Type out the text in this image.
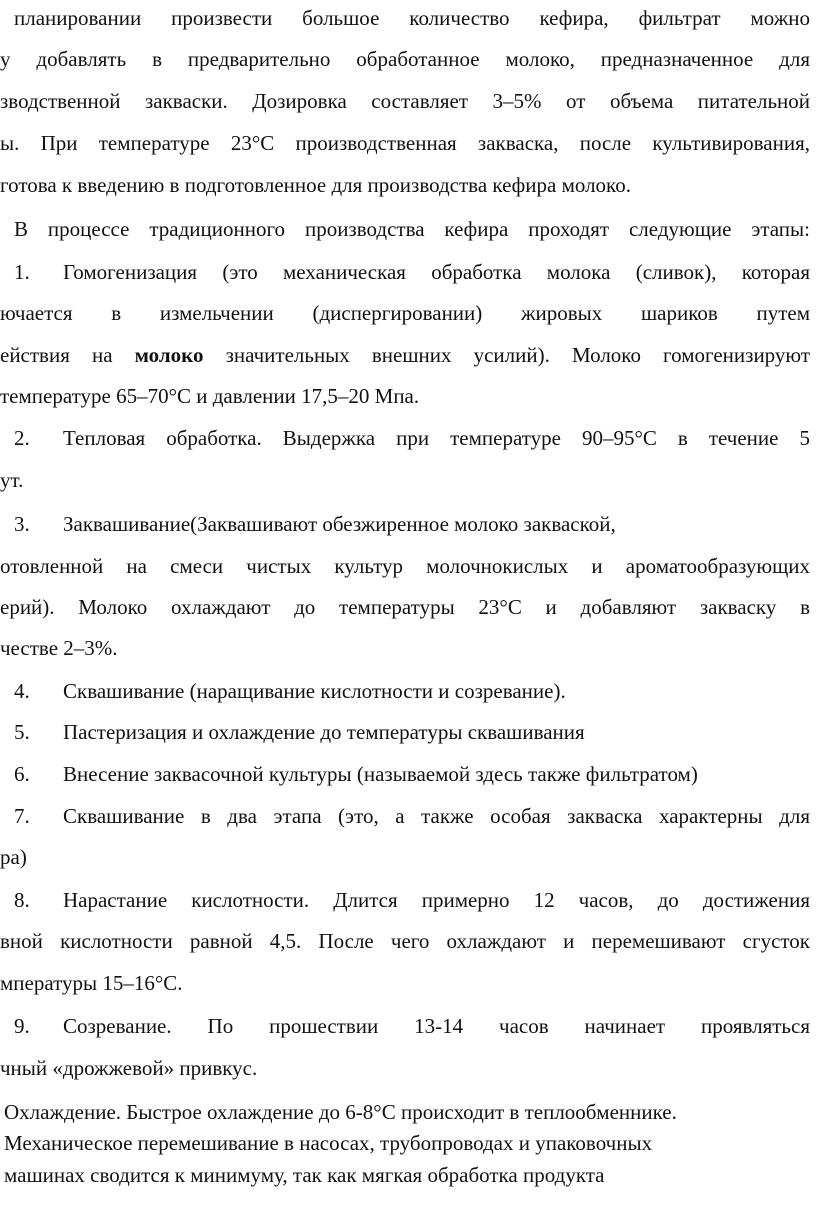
планировании произвести большое количество кефира, фильтрат можно
у добавлять в предварительно обработанное молоко, предназначенное для
зводственной закваски. Дозировка составляет 3–5% от объема питательной
ы. При температуре 23°С производственная закваска, после культивирования,
готова к введению в подготовленное для производства кефира молоко.
В процессе традиционного производства кефира проходят следующие этапы:
1. Гомогенизация (это механическая обработка молока (сливок), которая
ючается в измельчении (диспергировании) жировых шариков путем
ействия на молоко значительных внешних усилий). Молоко гомогенизируют
температуре 65–70°С и давлении 17,5–20 Мпа.
2. Тепловая обработка. Выдержка при температуре 90–95°С в течение 5
ут.
3. Заквашивание(Заквашивают обезжиренное молоко закваской,
отовленной на смеси чистых культур молочнокислых и ароматообразующих
ерий). Молоко охлаждают до температуры 23°С и добавляют закваску в
честве 2–3%.
4. Сквашивание (наращивание кислотности и созревание).
5. Пастеризация и охлаждение до температуры сквашивания
6. Внесение заквасочной культуры (называемой здесь также фильтратом)
7. Сквашивание в два этапа (это, а также особая закваска характерны для
ра)
8. Нарастание кислотности. Длится примерно 12 часов, до достижения
вной кислотности равной 4,5. После чего охлаждают и перемешивают сгусток
мпературы 15–16°С.
9. Созревание. По прошествии 13-14 часов начинает проявляться
чный «дрожжевой» привкус.
Охлаждение. Быстрое охлаждение до 6-8°С происходит в теплообменнике.
Механическое перемешивание в насосах, трубопроводах и упаковочных
машинах сводится к минимуму, так как мягкая обработка продукта
